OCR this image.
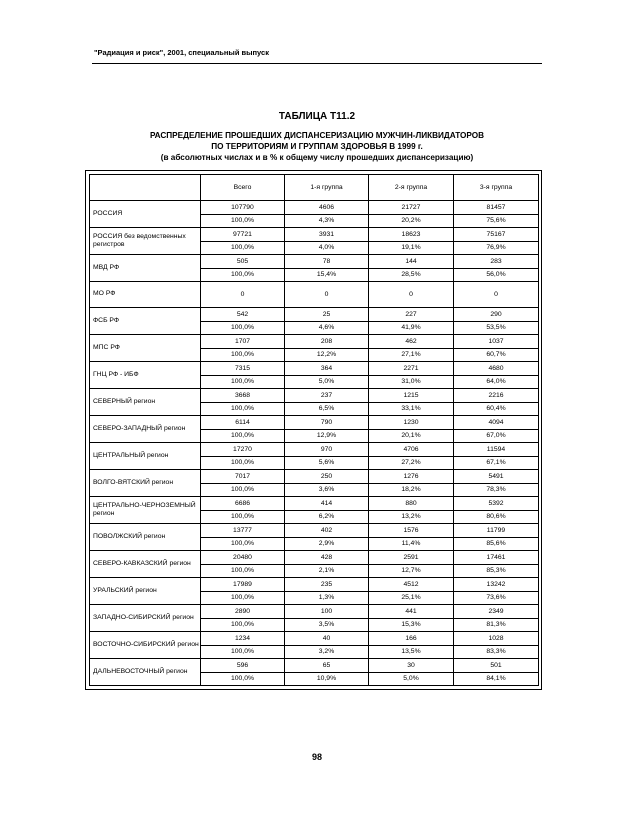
"Радиация и риск", 2001, специальный выпуск
ТАБЛИЦА Т11.2
РАСПРЕДЕЛЕНИЕ ПРОШЕДШИХ ДИСПАНСЕРИЗАЦИЮ МУЖЧИН-ЛИКВИДАТОРОВ
ПО ТЕРРИТОРИЯМ И ГРУППАМ ЗДОРОВЬЯ В 1999 г.
(в абсолютных числах и в % к общему числу прошедших диспансеризацию)
	Всего	1-я группа	2-я группа	3-я группа
РОССИЯ	107790	4606	21727	81457
	100,0%	4,3%	20,2%	75,6%
РОССИЯ без ведомственных регистров	97721	3931	18623	75167
	100,0%	4,0%	19,1%	76,9%
МВД РФ	505	78	144	283
	100,0%	15,4%	28,5%	56,0%
МО РФ	0	0	0	0
ФСБ РФ	542	25	227	290
	100,0%	4,6%	41,9%	53,5%
МПС РФ	1707	208	462	1037
	100,0%	12,2%	27,1%	60,7%
ГНЦ РФ - ИБФ	7315	364	2271	4680
	100,0%	5,0%	31,0%	64,0%
СЕВЕРНЫЙ регион	3668	237	1215	2216
	100,0%	6,5%	33,1%	60,4%
СЕВЕРО-ЗАПАДНЫЙ регион	6114	790	1230	4094
	100,0%	12,9%	20,1%	67,0%
ЦЕНТРАЛЬНЫЙ регион	17270	970	4706	11594
	100,0%	5,6%	27,2%	67,1%
ВОЛГО-ВЯТСКИЙ регион	7017	250	1276	5491
	100,0%	3,6%	18,2%	78,3%
ЦЕНТРАЛЬНО-ЧЕРНОЗЕМНЫЙ регион	6686	414	880	5392
	100,0%	6,2%	13,2%	80,6%
ПОВОЛЖСКИЙ регион	13777	402	1576	11799
	100,0%	2,9%	11,4%	85,6%
СЕВЕРО-КАВКАЗСКИЙ регион	20480	428	2591	17461
	100,0%	2,1%	12,7%	85,3%
УРАЛЬСКИЙ регион	17989	235	4512	13242
	100,0%	1,3%	25,1%	73,6%
ЗАПАДНО-СИБИРСКИЙ регион	2890	100	441	2349
	100,0%	3,5%	15,3%	81,3%
ВОСТОЧНО-СИБИРСКИЙ регион	1234	40	166	1028
	100,0%	3,2%	13,5%	83,3%
ДАЛЬНЕВОСТОЧНЫЙ регион	596	65	30	501
	100,0%	10,9%	5,0%	84,1%
98
